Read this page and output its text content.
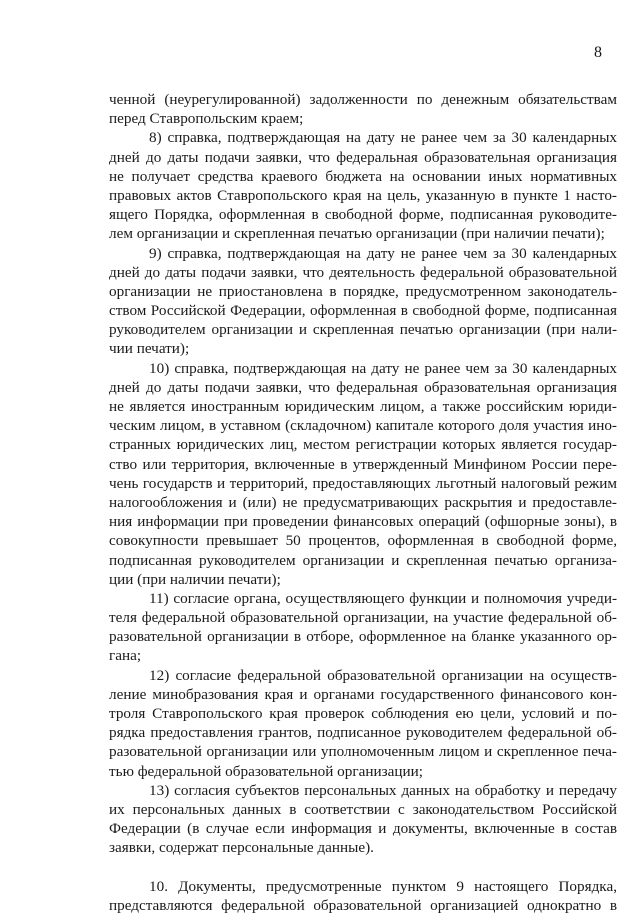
8
ченной (неурегулированной) задолженности по денежным обязательствам
перед Ставропольским краем;
8) справка, подтверждающая на дату не ранее чем за 30 календарных
дней до даты подачи заявки, что федеральная образовательная организация
не получает средства краевого бюджета на основании иных нормативных
правовых актов Ставропольского края на цель, указанную в пункте 1 насто-
ящего Порядка, оформленная в свободной форме, подписанная руководите-
лем организации и скрепленная печатью организации (при наличии печати);
9) справка, подтверждающая на дату не ранее чем за 30 календарных
дней до даты подачи заявки, что деятельность федеральной образовательной
организации не приостановлена в порядке, предусмотренном законодатель-
ством Российской Федерации, оформленная в свободной форме, подписанная
руководителем организации и скрепленная печатью организации (при нали-
чии печати);
10) справка, подтверждающая на дату не ранее чем за 30 календарных
дней до даты подачи заявки, что федеральная образовательная организация
не является иностранным юридическим лицом, а также российским юриди-
ческим лицом, в уставном (складочном) капитале которого доля участия ино-
странных юридических лиц, местом регистрации которых является государ-
ство или территория, включенные в утвержденный Минфином России пере-
чень государств и территорий, предоставляющих льготный налоговый режим
налогообложения и (или) не предусматривающих раскрытия и предоставле-
ния информации при проведении финансовых операций (офшорные зоны), в
совокупности превышает 50 процентов, оформленная в свободной форме,
подписанная руководителем организации и скрепленная печатью организа-
ции (при наличии печати);
11) согласие органа, осуществляющего функции и полномочия учреди-
теля федеральной образовательной организации, на участие федеральной об-
разовательной организации в отборе, оформленное на бланке указанного ор-
гана;
12) согласие федеральной образовательной организации на осуществ-
ление минобразования края и органами государственного финансового кон-
троля Ставропольского края проверок соблюдения ею цели, условий и по-
рядка предоставления грантов, подписанное руководителем федеральной об-
разовательной организации или уполномоченным лицом и скрепленное печа-
тью федеральной образовательной организации;
13) согласия субъектов персональных данных на обработку и передачу
их персональных данных в соответствии с законодательством Российской
Федерации (в случае если информация и документы, включенные в состав
заявки, содержат персональные данные).
10. Документы, предусмотренные пунктом 9 настоящего Порядка,
представляются федеральной образовательной организацией однократно в
